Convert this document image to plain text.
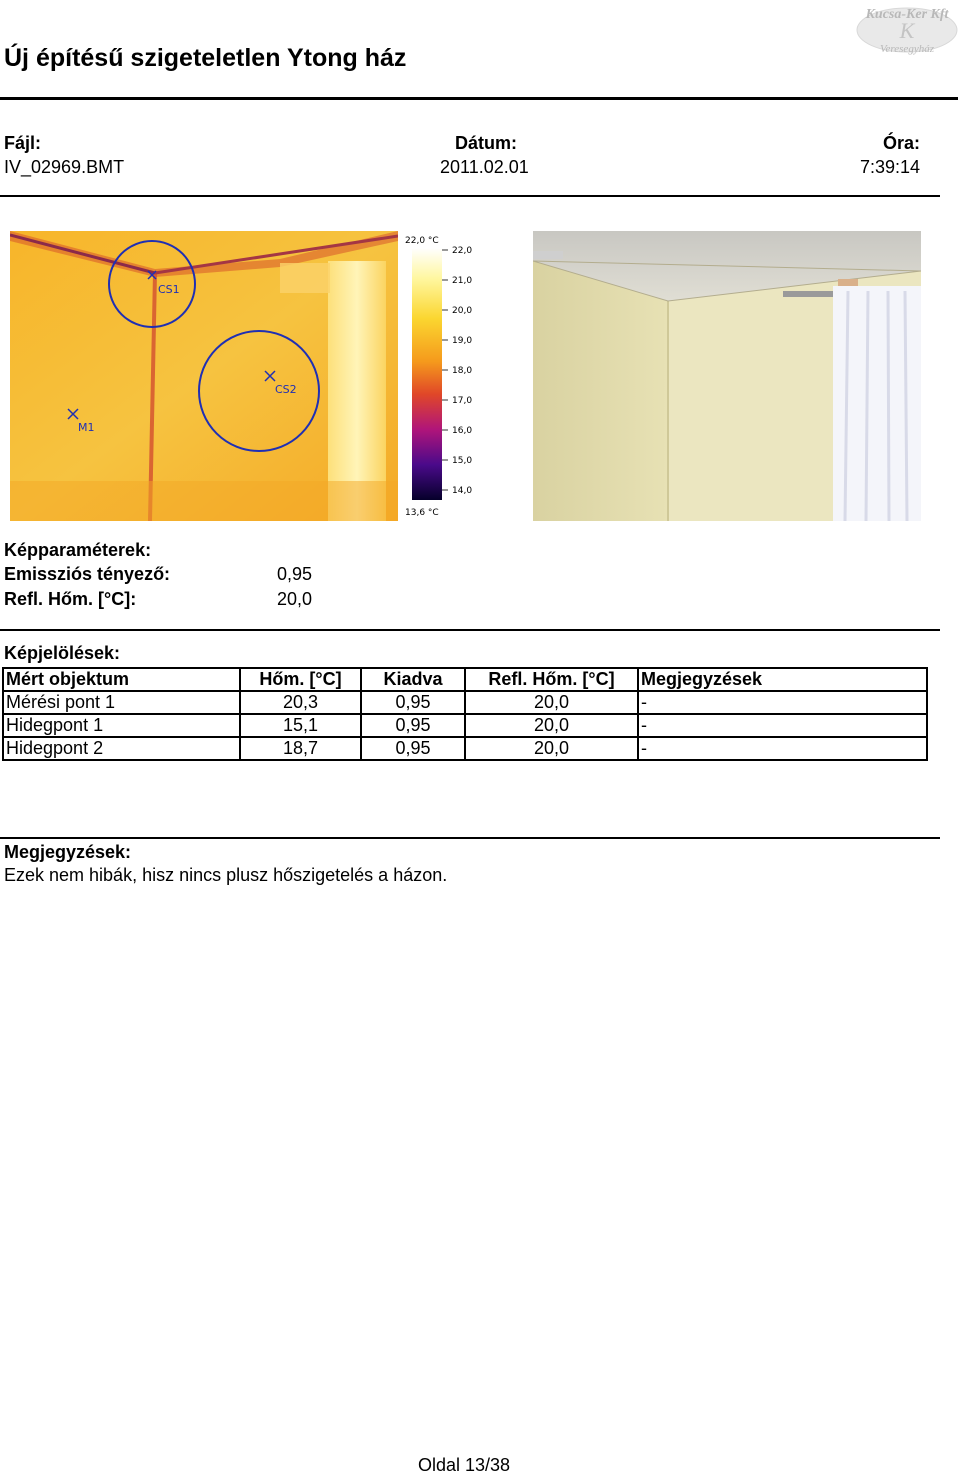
Új építésű szigeteletlen Ytong ház
Kucsa-Ker Kft
K
Veresegyház
Fájl:
IV_02969.BMT
Dátum:
2011.02.01
Óra:
7:39:14
CS1
CS2
M1
22,0 °C
13,6 °C
22,0
21,0
20,0
19,0
18,0
17,0
16,0
15,0
14,0
Képparaméterek:
Emissziós tényező:	0,95
Refl. Hőm. [°C]:	20,0
Képjelölések:
Mért objektum	Hőm. [°C]	Kiadva	Refl. Hőm. [°C]	Megjegyzések
Mérési pont 1	20,3	0,95	20,0	-
Hidegpont 1	15,1	0,95	20,0	-
Hidegpont 2	18,7	0,95	20,0	-
Megjegyzések:
Ezek nem hibák, hisz nincs plusz hőszigetelés a házon.
Oldal 13/38
